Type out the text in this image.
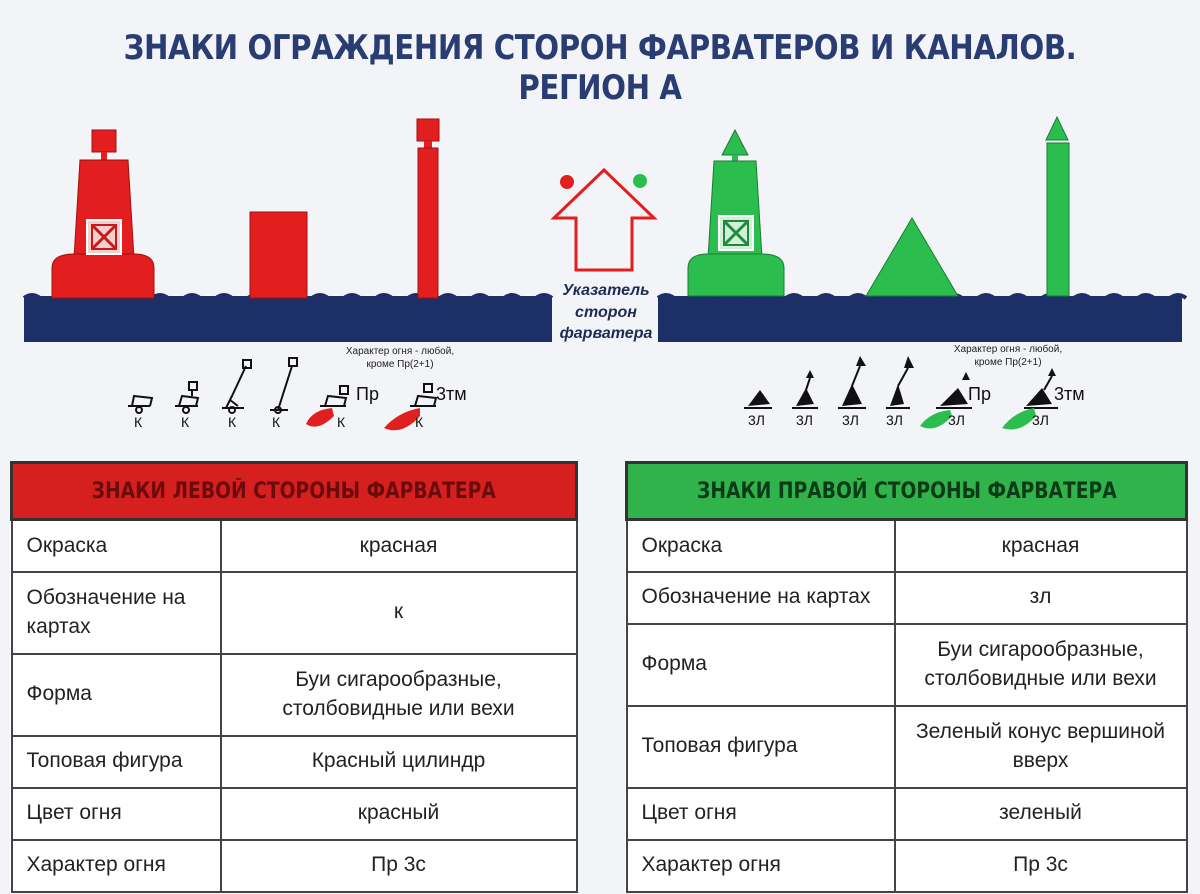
ЗНАКИ ОГРАЖДЕНИЯ СТОРОН ФАРВАТЕРОВ И КАНАЛОВ. РЕГИОН А
Указатель
сторон
фарватера
Характер огня - любой,
кроме Пр(2+1)
К	К	К	К	К	К
Пр	3тм
Характер огня - любой,
кроме Пр(2+1)
3Л 3Л 3Л 3Л	3Л	3Л
Пр	3тм
ЗНАКИ ЛЕВОЙ СТОРОНЫ ФАРВАТЕРА	
Окраска	красная
Обозначение на картах	к
Форма	Буи сигарообразные, столбовидные или вехи
Топовая фигура	Красный цилиндр
Цвет огня	красный
Характер огня	Пр 3с
ЗНАКИ ПРАВОЙ СТОРОНЫ ФАРВАТЕРА	
Окраска	красная
Обозначение на картах	зл
Форма	Буи сигарообразные, столбовидные или вехи
Топовая фигура	Зеленый конус вершиной вверх
Цвет огня	зеленый
Характер огня	Пр 3с
